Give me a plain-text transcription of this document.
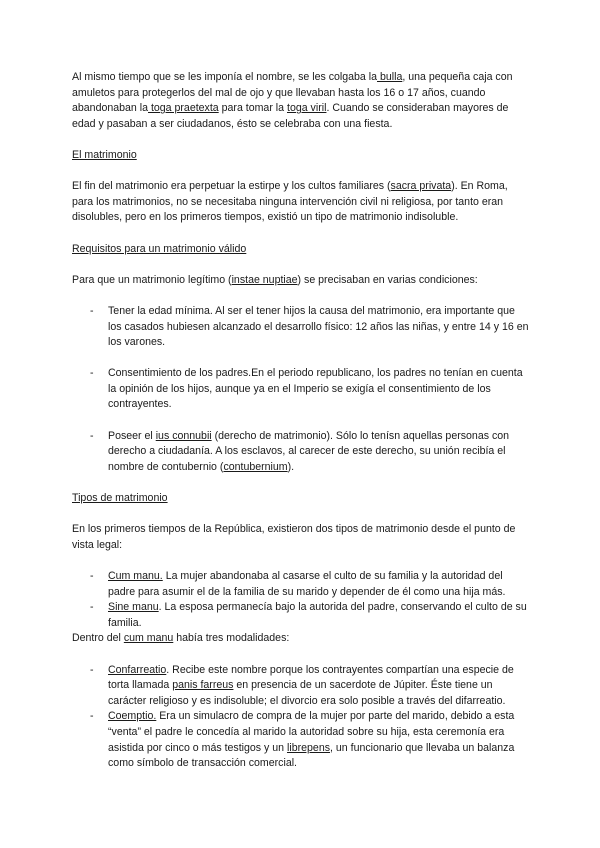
Al mismo tiempo que se les imponía el nombre, se les colgaba la bulla, una pequeña caja con amuletos para protegerlos del mal de ojo y que llevaban hasta los 16 o 17 años, cuando abandonaban la toga praetexta para tomar la toga viril. Cuando se consideraban mayores de edad y pasaban a ser ciudadanos, ésto se celebraba con una fiesta.

El matrimonio

El fin del matrimonio era perpetuar la estirpe y los cultos familiares (sacra privata). En Roma, para los matrimonios, no se necesitaba ninguna intervención civil ni religiosa, por tanto eran disolubles, pero en los primeros tiempos, existió un tipo de matrimonio indisoluble.

Requisitos para un matrimonio válido

Para que un matrimonio legítimo (instae nuptiae) se precisaban en varias condiciones:

- Tener la edad mínima. Al ser el tener hijos la causa del matrimonio, era importante que los casados hubiesen alcanzado el desarrollo físico: 12 años las niñas, y entre 14 y 16 en los varones.
- Consentimiento de los padres.En el periodo republicano, los padres no tenían en cuenta la opinión de los hijos, aunque ya en el Imperio se exigía el consentimiento de los contrayentes.
- Poseer el ius connubii (derecho de matrimonio). Sólo lo tenísn aquellas personas con derecho a ciudadanía. A los esclavos, al carecer de este derecho, su unión recibía el nombre de contubernio (contubernium).

Tipos de matrimonio

En los primeros tiempos de la República, existieron dos tipos de matrimonio desde el punto de vista legal:

- Cum manu. La mujer abandonaba al casarse el culto de su familia y la autoridad del padre para asumir el de la familia de su marido y depender de él como una hija más.
- Sine manu. La esposa permanecía bajo la autorida del padre, conservando el culto de su familia.

Dentro del cum manu había tres modalidades:

- Confarreatio. Recibe este nombre porque los contrayentes compartían una especie de torta llamada panis farreus en presencia de un sacerdote de Júpiter. Éste tiene un carácter religioso y es indisoluble; el divorcio era solo posible a través del difarreatio.
- Coemptio. Era un simulacro de compra de la mujer por parte del marido, debido a esta “venta” el padre le concedía al marido la autoridad sobre su hija, esta ceremonía era asistida por cinco o más testigos y un librepens, un funcionario que llevaba un balanza como símbolo de transacción comercial.
